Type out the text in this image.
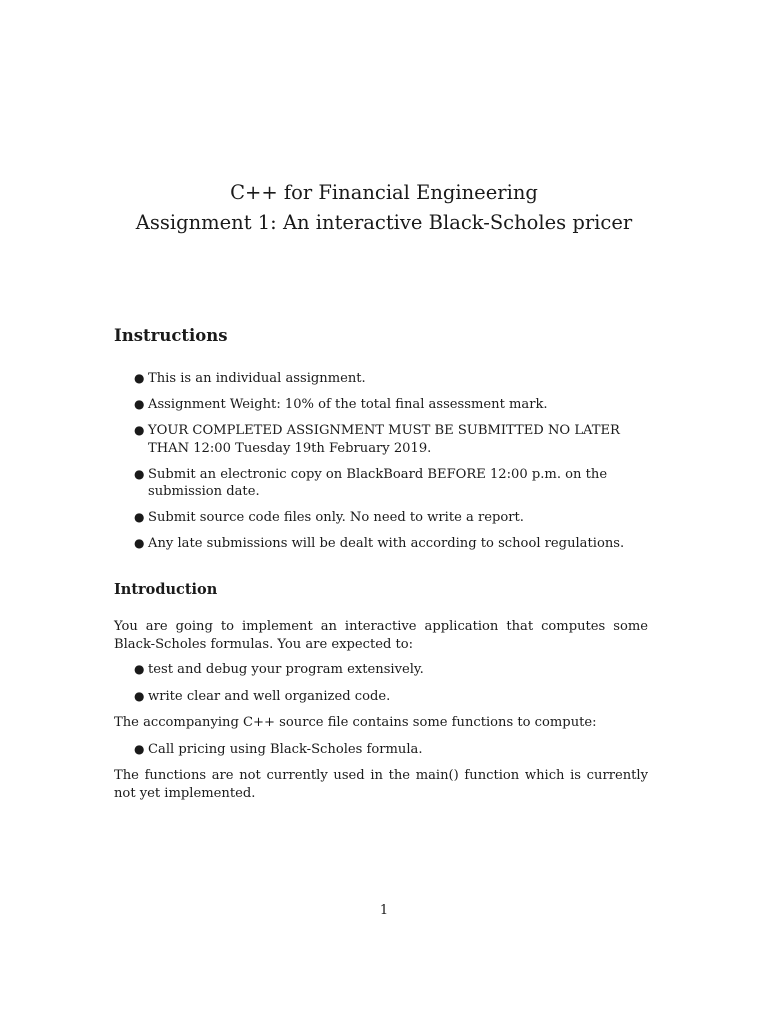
C++ for Financial Engineering
Assignment 1: An interactive Black-Scholes pricer
Instructions
● This is an individual assignment.
● Assignment Weight: 10% of the total final assessment mark.
● YOUR COMPLETED ASSIGNMENT MUST BE SUBMITTED NO LATER THAN 12:00 Tuesday 19th February 2019.
● Submit an electronic copy on BlackBoard BEFORE 12:00 p.m. on the submission date.
● Submit source code files only. No need to write a report.
● Any late submissions will be dealt with according to school regulations.
Introduction

You are going to implement an interactive application that computes some Black-Scholes formulas. You are expected to:

● test and debug your program extensively.
● write clear and well organized code.

The accompanying C++ source file contains some functions to compute:

● Call pricing using Black-Scholes formula.

The functions are not currently used in the main() function which is currently not yet implemented.

1
